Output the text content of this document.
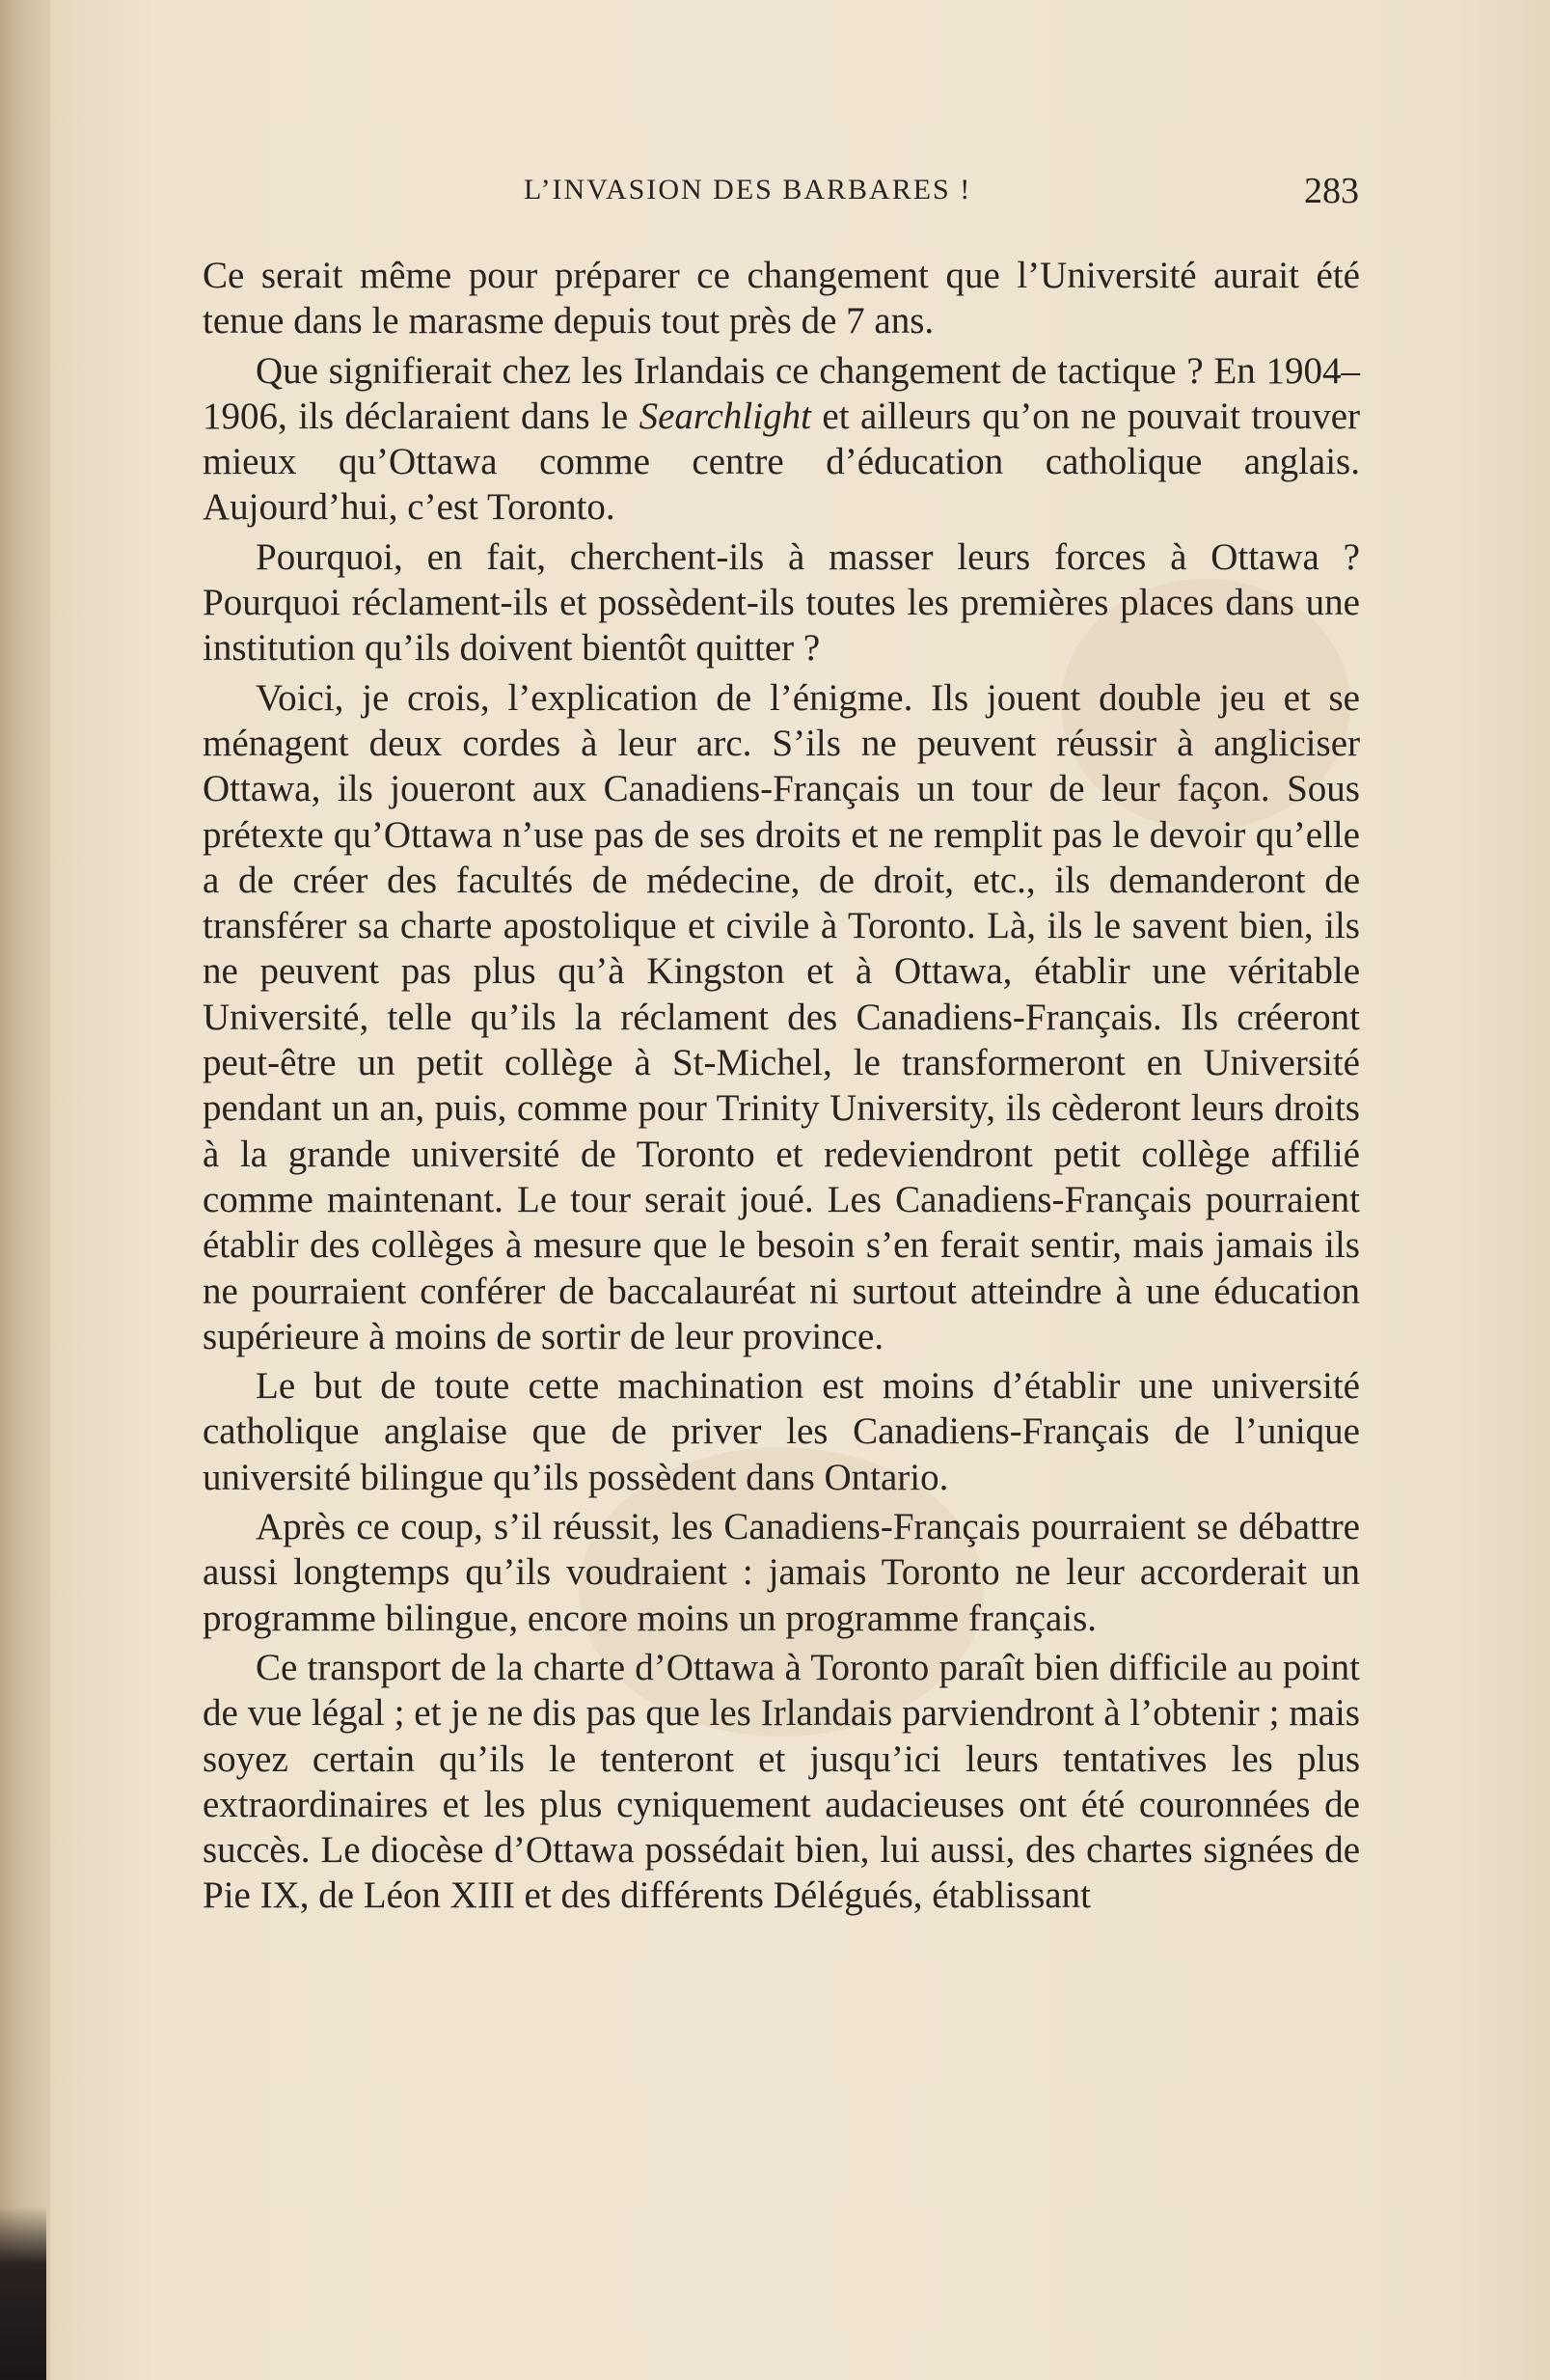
L’INVASION DES BARBARES !	283

Ce serait même pour préparer ce changement que l’Université aurait été tenue dans le marasme depuis tout près de 7 ans.

Que signifierait chez les Irlandais ce changement de tactique ? En 1904–1906, ils déclaraient dans le Searchlight et ailleurs qu’on ne pouvait trouver mieux qu’Ottawa comme centre d’éducation catholique anglais. Aujourd’hui, c’est Toronto.

Pourquoi, en fait, cherchent-ils à masser leurs forces à Ottawa ? Pourquoi réclament-ils et possèdent-ils toutes les premières places dans une institution qu’ils doivent bientôt quitter ?

Voici, je crois, l’explication de l’énigme. Ils jouent double jeu et se ménagent deux cordes à leur arc. S’ils ne peuvent réussir à angliciser Ottawa, ils joueront aux Canadiens-Français un tour de leur façon. Sous prétexte qu’Ottawa n’use pas de ses droits et ne remplit pas le devoir qu’elle a de créer des facultés de médecine, de droit, etc., ils demanderont de transférer sa charte apostolique et civile à Toronto. Là, ils le savent bien, ils ne peuvent pas plus qu’à Kingston et à Ottawa, établir une véritable Université, telle qu’ils la réclament des Canadiens-Français. Ils créeront peut-être un petit collège à St-Michel, le transformeront en Université pendant un an, puis, comme pour Trinity University, ils cèderont leurs droits à la grande université de Toronto et redeviendront petit collège affilié comme maintenant. Le tour serait joué. Les Canadiens-Français pourraient établir des collèges à mesure que le besoin s’en ferait sentir, mais jamais ils ne pourraient conférer de baccalauréat ni surtout atteindre à une éducation supérieure à moins de sortir de leur province.

Le but de toute cette machination est moins d’établir une université catholique anglaise que de priver les Canadiens-Français de l’unique université bilingue qu’ils possèdent dans Ontario.

Après ce coup, s’il réussit, les Canadiens-Français pourraient se débattre aussi longtemps qu’ils voudraient : jamais Toronto ne leur accorderait un programme bilingue, encore moins un programme français.

Ce transport de la charte d’Ottawa à Toronto paraît bien difficile au point de vue légal ; et je ne dis pas que les Irlandais parviendront à l’obtenir ; mais soyez certain qu’ils le tenteront et jusqu’ici leurs tentatives les plus extraordinaires et les plus cyniquement audacieuses ont été couronnées de succès. Le diocèse d’Ottawa possédait bien, lui aussi, des chartes signées de Pie IX, de Léon XIII et des différents Délégués, établissant
